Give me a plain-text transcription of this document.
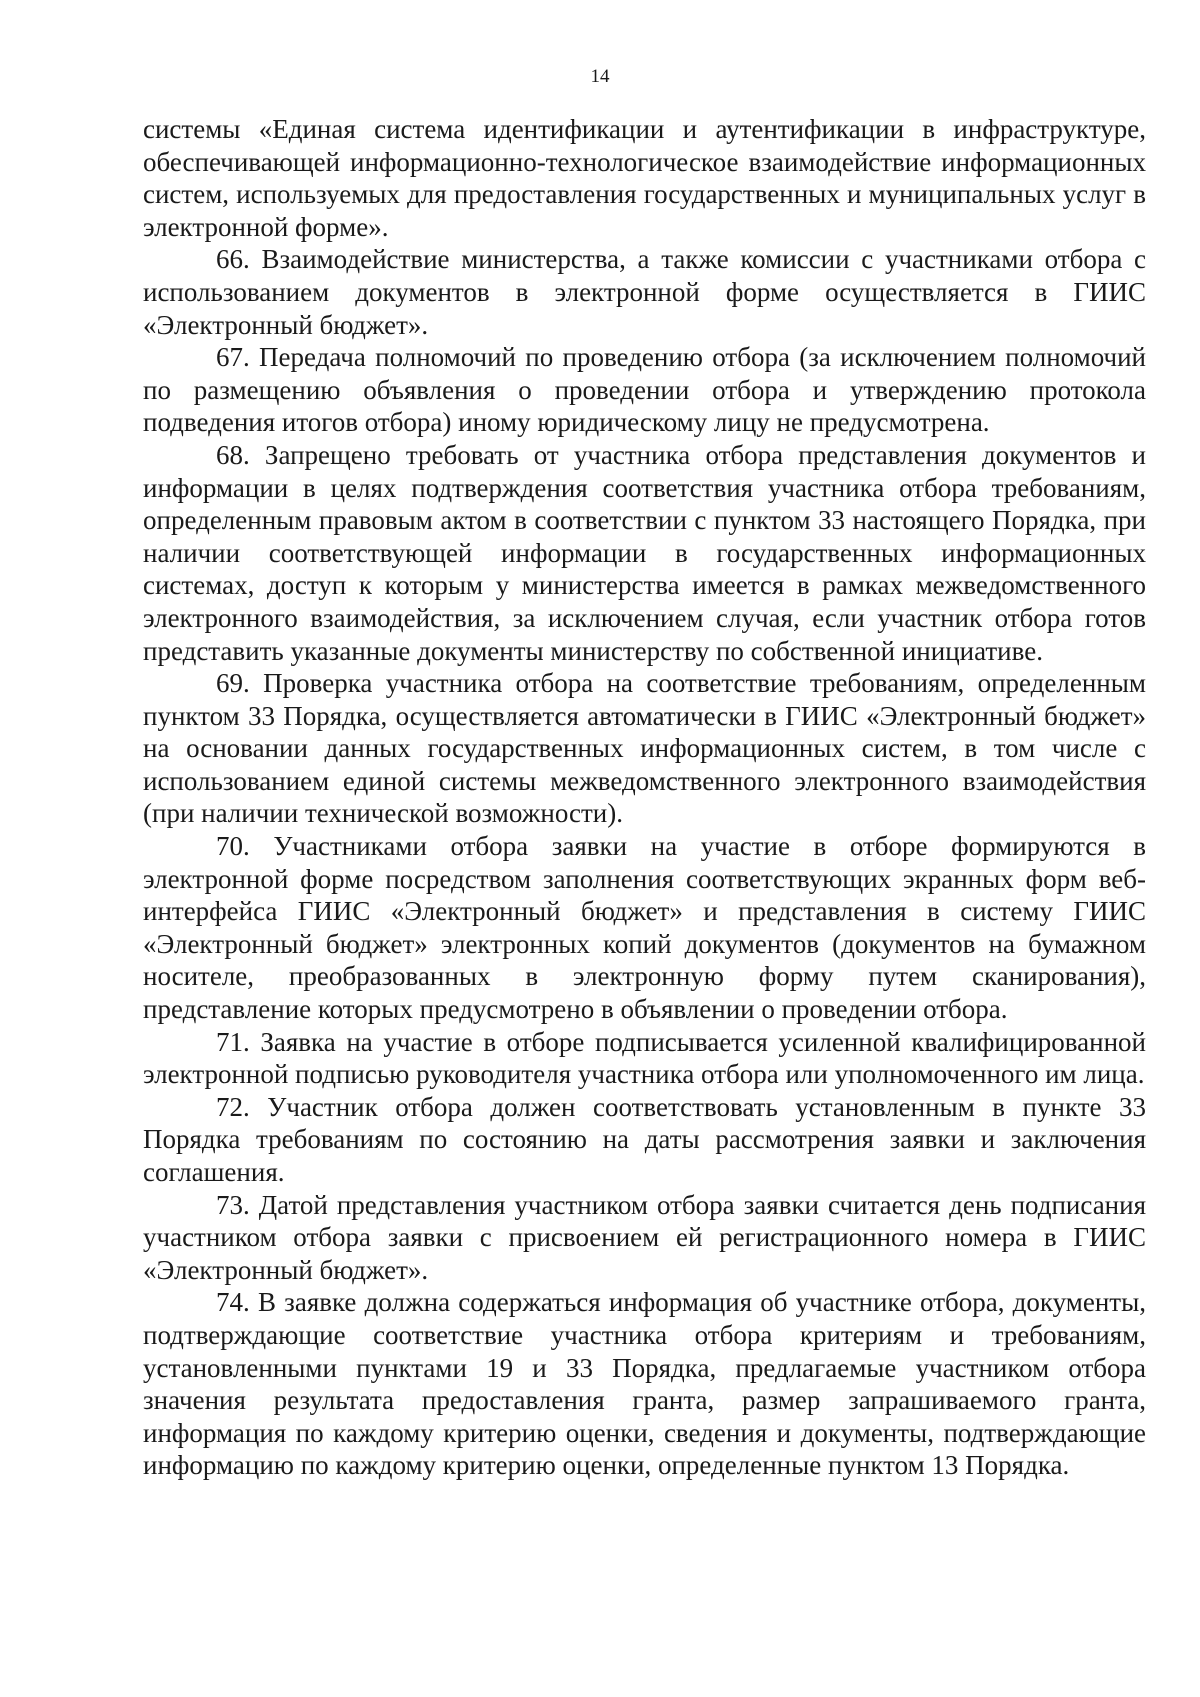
14

системы «Единая система идентификации и аутентификации в инфраструктуре, обеспечивающей информационно-технологическое взаимодействие информационных систем, используемых для предоставления государственных и муниципальных услуг в электронной форме».

66. Взаимодействие министерства, а также комиссии с участниками отбора с использованием документов в электронной форме осуществляется в ГИИС «Электронный бюджет».

67. Передача полномочий по проведению отбора (за исключением полномочий по размещению объявления о проведении отбора и утверждению протокола подведения итогов отбора) иному юридическому лицу не предусмотрена.

68. Запрещено требовать от участника отбора представления документов и информации в целях подтверждения соответствия участника отбора требованиям, определенным правовым актом в соответствии с пунктом 33 настоящего Порядка, при наличии соответствующей информации в государственных информационных системах, доступ к которым у министерства имеется в рамках межведомственного электронного взаимодействия, за исключением случая, если участник отбора готов представить указанные документы министерству по собственной инициативе.

69. Проверка участника отбора на соответствие требованиям, определенным пунктом 33 Порядка, осуществляется автоматически в ГИИС «Электронный бюджет» на основании данных государственных информационных систем, в том числе с использованием единой системы межведомственного электронного взаимодействия (при наличии технической возможности).

70. Участниками отбора заявки на участие в отборе формируются в электронной форме посредством заполнения соответствующих экранных форм веб-интерфейса ГИИС «Электронный бюджет» и представления в систему ГИИС «Электронный бюджет» электронных копий документов (документов на бумажном носителе, преобразованных в электронную форму путем сканирования), представление которых предусмотрено в объявлении о проведении отбора.

71. Заявка на участие в отборе подписывается усиленной квалифицированной электронной подписью руководителя участника отбора или уполномоченного им лица.

72. Участник отбора должен соответствовать установленным в пункте 33 Порядка требованиям по состоянию на даты рассмотрения заявки и заключения соглашения.

73. Датой представления участником отбора заявки считается день подписания участником отбора заявки с присвоением ей регистрационного номера в ГИИС «Электронный бюджет».

74. В заявке должна содержаться информация об участнике отбора, документы, подтверждающие соответствие участника отбора критериям и требованиям, установленными пунктами 19 и 33 Порядка, предлагаемые участником отбора значения результата предоставления гранта, размер запрашиваемого гранта, информация по каждому критерию оценки, сведения и документы, подтверждающие информацию по каждому критерию оценки, определенные пунктом 13 Порядка.
